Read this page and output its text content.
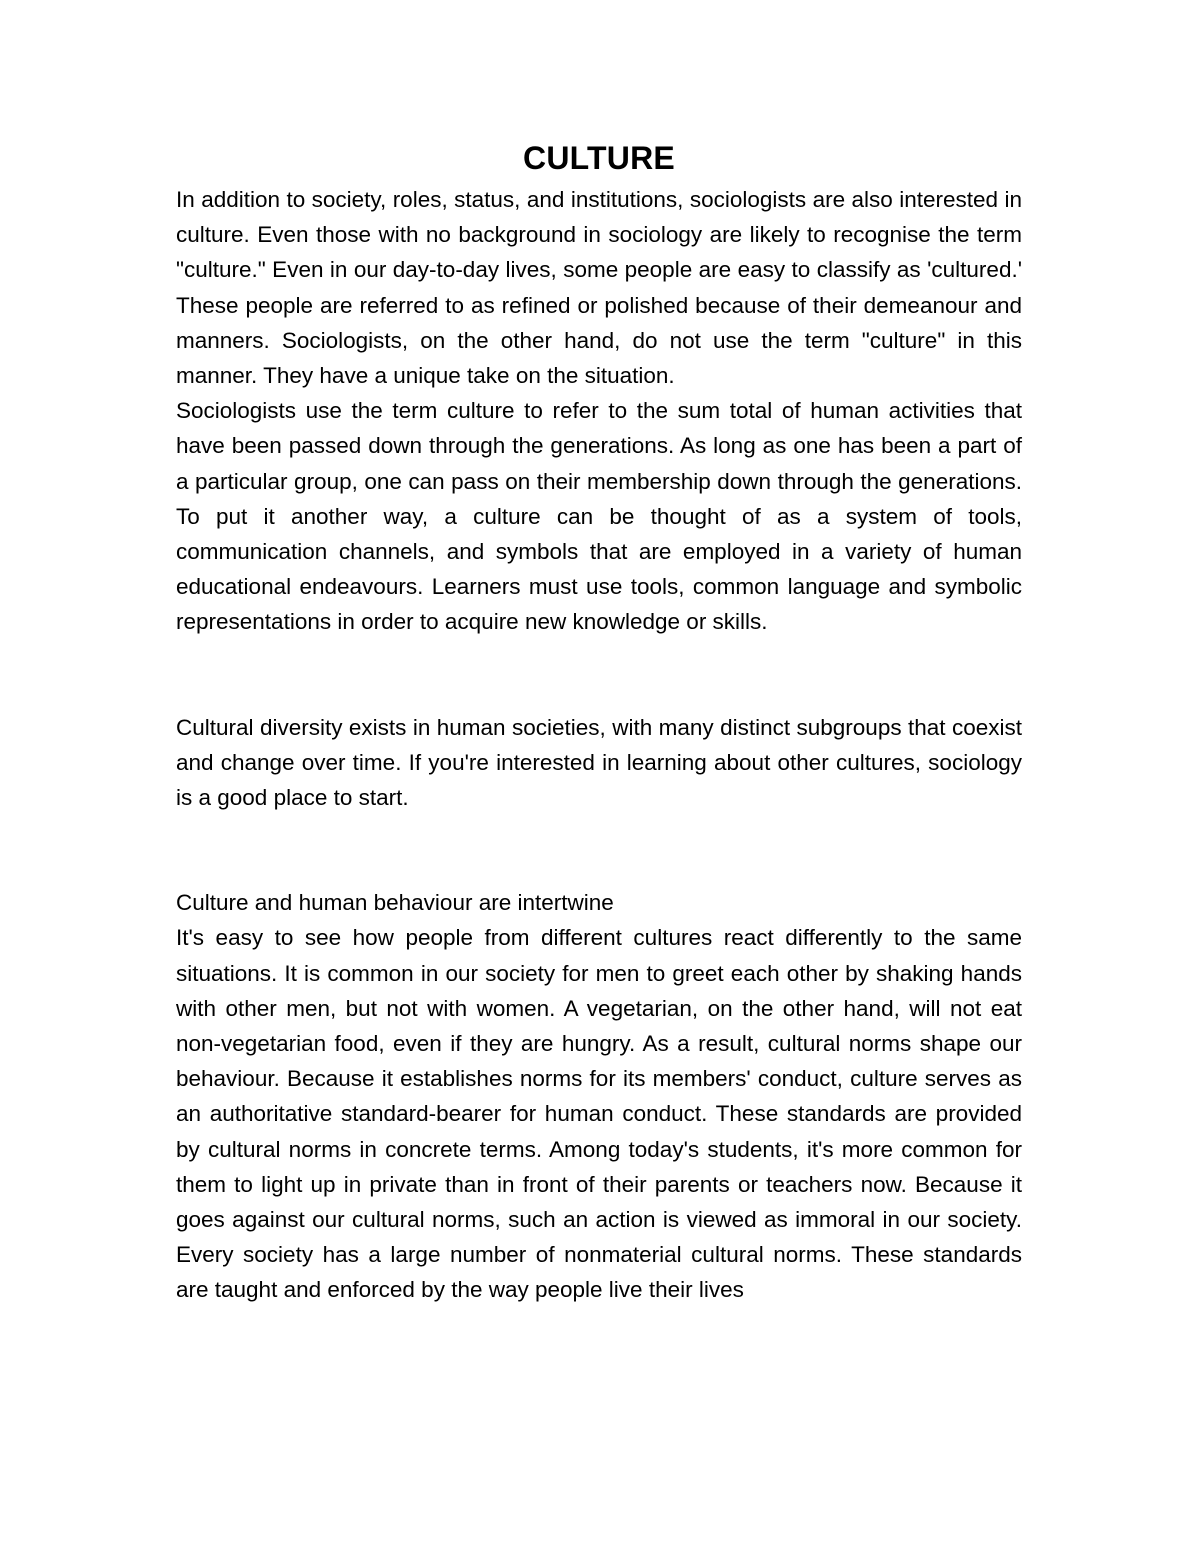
CULTURE

In addition to society, roles, status, and institutions, sociologists are also interested in culture. Even those with no background in sociology are likely to recognise the term "culture." Even in our day-to-day lives, some people are easy to classify as 'cultured.' These people are referred to as refined or polished because of their demeanour and manners. Sociologists, on the other hand, do not use the term "culture" in this manner. They have a unique take on the situation.

Sociologists use the term culture to refer to the sum total of human activities that have been passed down through the generations. As long as one has been a part of a particular group, one can pass on their membership down through the generations. To put it another way, a culture can be thought of as a system of tools, communication channels, and symbols that are employed in a variety of human educational endeavours. Learners must use tools, common language and symbolic representations in order to acquire new knowledge or skills.

Cultural diversity exists in human societies, with many distinct subgroups that coexist and change over time. If you're interested in learning about other cultures, sociology is a good place to start.

Culture and human behaviour are intertwine

It's easy to see how people from different cultures react differently to the same situations. It is common in our society for men to greet each other by shaking hands with other men, but not with women. A vegetarian, on the other hand, will not eat non-vegetarian food, even if they are hungry. As a result, cultural norms shape our behaviour. Because it establishes norms for its members' conduct, culture serves as an authoritative standard-bearer for human conduct. These standards are provided by cultural norms in concrete terms. Among today's students, it's more common for them to light up in private than in front of their parents or teachers now. Because it goes against our cultural norms, such an action is viewed as immoral in our society. Every society has a large number of nonmaterial cultural norms. These standards are taught and enforced by the way people live their lives
